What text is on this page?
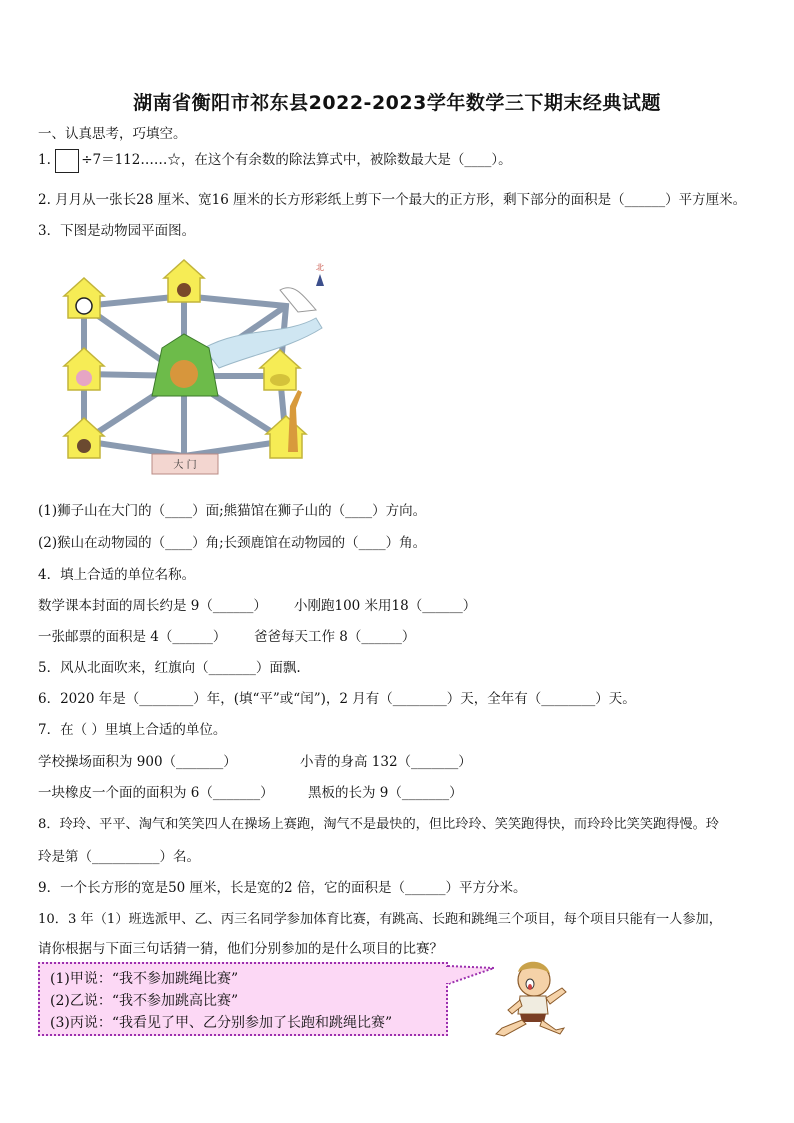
湖南省衡阳市祁东县2022-2023学年数学三下期末经典试题
一、认真思考，巧填空。
1. ÷7＝112……☆，在这个有余数的除法算式中，被除数最大是（____）。
2. 月月从一张长28 厘米、宽16 厘米的长方形彩纸上剪下一个最大的正方形，剩下部分的面积是（______）平方厘米。
3．下图是动物园平面图。
大 门
北
(1)狮子山在大门的（____）面;熊猫馆在狮子山的（____）方向。
(2)猴山在动物园的（____）角;长颈鹿馆在动物园的（____）角。
4．填上合适的单位名称。
数学课本封面的周长约是 9（______） 小刚跑100 米用18（______）
一张邮票的面积是 4（______） 爸爸每天工作 8（______）
5．风从北面吹来，红旗向（_______）面飘.
6．2020 年是（________）年，(填“平”或“闰”)，2 月有（________）天，全年有（________）天。
7．在（ ）里填上合适的单位。
学校操场面积为 900（_______）	小青的身高 132（_______）
一块橡皮一个面的面积为 6（_______）	黑板的长为 9（_______）
8．玲玲、平平、淘气和笑笑四人在操场上赛跑，淘气不是最快的，但比玲玲、笑笑跑得快，而玲玲比笑笑跑得慢。玲
玲是第（__________）名。
9．一个长方形的宽是50 厘米，长是宽的2 倍，它的面积是（______）平方分米。
10．3 年（1）班选派甲、乙、丙三名同学参加体育比赛，有跳高、长跑和跳绳三个项目，每个项目只能有一人参加，
请你根据与下面三句话猜一猜，他们分别参加的是什么项目的比赛？
(1)甲说：“我不参加跳绳比赛”
(2)乙说：“我不参加跳高比赛”
(3)丙说：“我看见了甲、乙分别参加了长跑和跳绳比赛”
